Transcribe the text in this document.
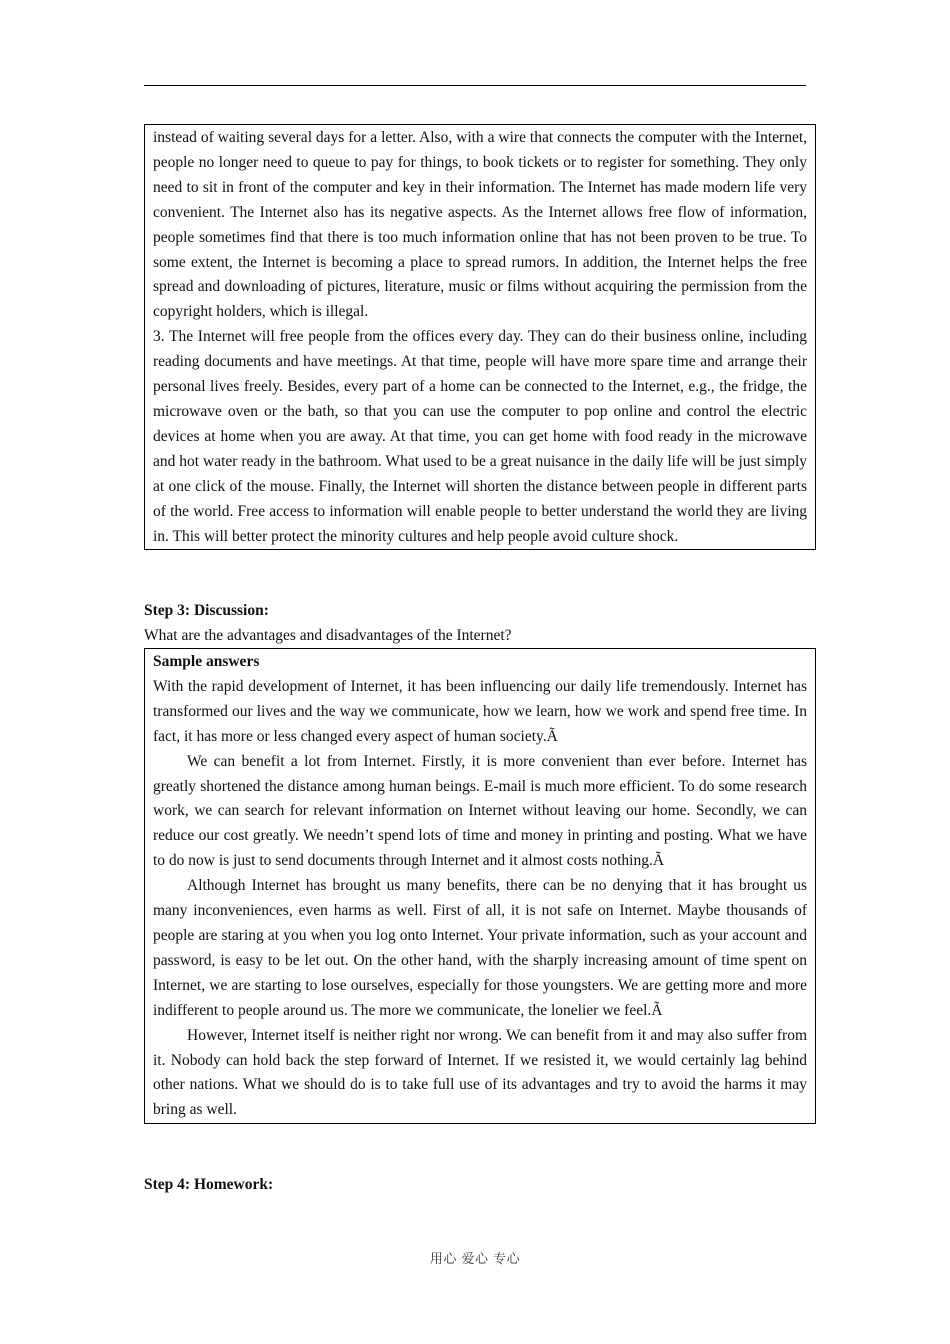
instead of waiting several days for a letter. Also, with a wire that connects the computer with the Internet, people no longer need to queue to pay for things, to book tickets or to register for something. They only need to sit in front of the computer and key in their information. The Internet has made modern life very convenient. The Internet also has its negative aspects. As the Internet allows free flow of information, people sometimes find that there is too much information online that has not been proven to be true. To some extent, the Internet is becoming a place to spread rumors. In addition, the Internet helps the free spread and downloading of pictures, literature, music or films without acquiring the permission from the copyright holders, which is illegal.

3. The Internet will free people from the offices every day. They can do their business online, including reading documents and have meetings. At that time, people will have more spare time and arrange their personal lives freely. Besides, every part of a home can be connected to the Internet, e.g., the fridge, the microwave oven or the bath, so that you can use the computer to pop online and control the electric devices at home when you are away. At that time, you can get home with food ready in the microwave and hot water ready in the bathroom. What used to be a great nuisance in the daily life will be just simply at one click of the mouse. Finally, the Internet will shorten the distance between people in different parts of the world. Free access to information will enable people to better understand the world they are living in. This will better protect the minority cultures and help people avoid culture shock.

Step 3: Discussion:
What are the advantages and disadvantages of the Internet?

Sample answers

With the rapid development of Internet, it has been influencing our daily life tremendously. Internet has transformed our lives and the way we communicate, how we learn, how we work and spend free time. In fact, it has more or less changed every aspect of human society.Ã

We can benefit a lot from Internet. Firstly, it is more convenient than ever before. Internet has greatly shortened the distance among human beings. E-mail is much more efficient. To do some research work, we can search for relevant information on Internet without leaving our home. Secondly, we can reduce our cost greatly. We needn’t spend lots of time and money in printing and posting. What we have to do now is just to send documents through Internet and it almost costs nothing.Ã

Although Internet has brought us many benefits, there can be no denying that it has brought us many inconveniences, even harms as well. First of all, it is not safe on Internet. Maybe thousands of people are staring at you when you log onto Internet. Your private information, such as your account and password, is easy to be let out. On the other hand, with the sharply increasing amount of time spent on Internet, we are starting to lose ourselves, especially for those youngsters. We are getting more and more indifferent to people around us. The more we communicate, the lonelier we feel.Ã

However, Internet itself is neither right nor wrong. We can benefit from it and may also suffer from it. Nobody can hold back the step forward of Internet. If we resisted it, we would certainly lag behind other nations. What we should do is to take full use of its advantages and try to avoid the harms it may bring as well.

Step 4: Homework:
用心 爱心 专心
